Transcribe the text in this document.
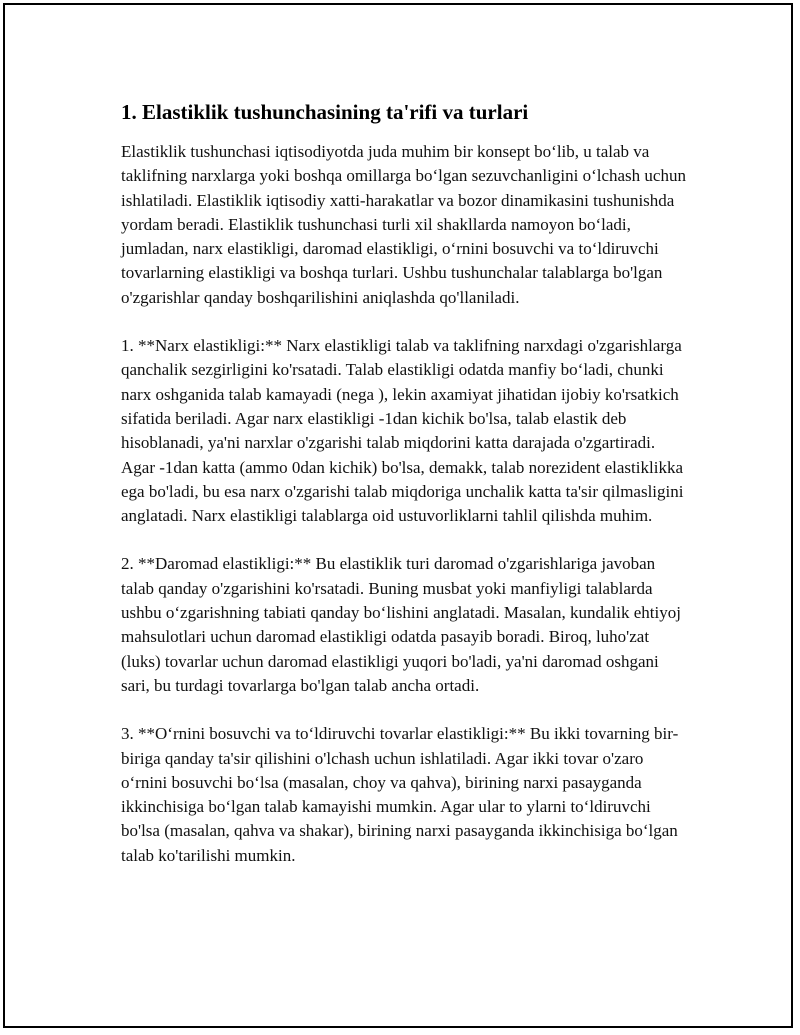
1. Elastiklik tushunchasining ta'rifi va turlari

Elastiklik tushunchasi iqtisodiyotda juda muhim bir konsept bo‘lib, u talab va taklifning narxlarga yoki boshqa omillarga bo‘lgan sezuvchanligini o‘lchash uchun ishlatiladi. Elastiklik iqtisodiy xatti-harakatlar va bozor dinamikasini tushunishda yordam beradi. Elastiklik tushunchasi turli xil shakllarda namoyon bo‘ladi, jumladan, narx elastikligi, daromad elastikligi, o‘rnini bosuvchi va to‘ldiruvchi tovarlarning elastikligi va boshqa turlari. Ushbu tushunchalar talablarga bo'lgan o'zgarishlar qanday boshqarilishini aniqlashda qo'llaniladi.

1. **Narx elastikligi:** Narx elastikligi talab va taklifning narxdagi o'zgarishlarga qanchalik sezgirligini ko'rsatadi. Talab elastikligi odatda manfiy bo‘ladi, chunki narx oshganida talab kamayadi (nega ), lekin axamiyat jihatidan ijobiy ko'rsatkich sifatida beriladi. Agar narx elastikligi -1dan kichik bo'lsa, talab elastik deb hisoblanadi, ya'ni narxlar o'zgarishi talab miqdorini katta darajada o'zgartiradi. Agar -1dan katta (ammo 0dan kichik) bo'lsa, demakk, talab norezident elastiklikka ega bo'ladi, bu esa narx o'zgarishi talab miqdoriga unchalik katta ta'sir qilmasligini anglatadi. Narx elastikligi talablarga oid ustuvorliklarni tahlil qilishda muhim.

2. **Daromad elastikligi:** Bu elastiklik turi daromad o'zgarishlariga javoban talab qanday o'zgarishini ko'rsatadi. Buning musbat yoki manfiyligi talablarda ushbu o‘zgarishning tabiati qanday bo‘lishini anglatadi. Masalan, kundalik ehtiyoj mahsulotlari uchun daromad elastikligi odatda pasayib boradi. Biroq, luho'zat (luks) tovarlar uchun daromad elastikligi yuqori bo'ladi, ya'ni daromad oshgani sari, bu turdagi tovarlarga bo'lgan talab ancha ortadi.

3. **O‘rnini bosuvchi va to‘ldiruvchi tovarlar elastikligi:** Bu ikki tovarning bir-biriga qanday ta'sir qilishini o'lchash uchun ishlatiladi. Agar ikki tovar o'zaro o‘rnini bosuvchi bo‘lsa (masalan, choy va qahva), birining narxi pasayganda ikkinchisiga bo‘lgan talab kamayishi mumkin. Agar ular to ylarni to‘ldiruvchi bo'lsa (masalan, qahva va shakar), birining narxi pasayganda ikkinchisiga bo‘lgan talab ko'tarilishi mumkin.
